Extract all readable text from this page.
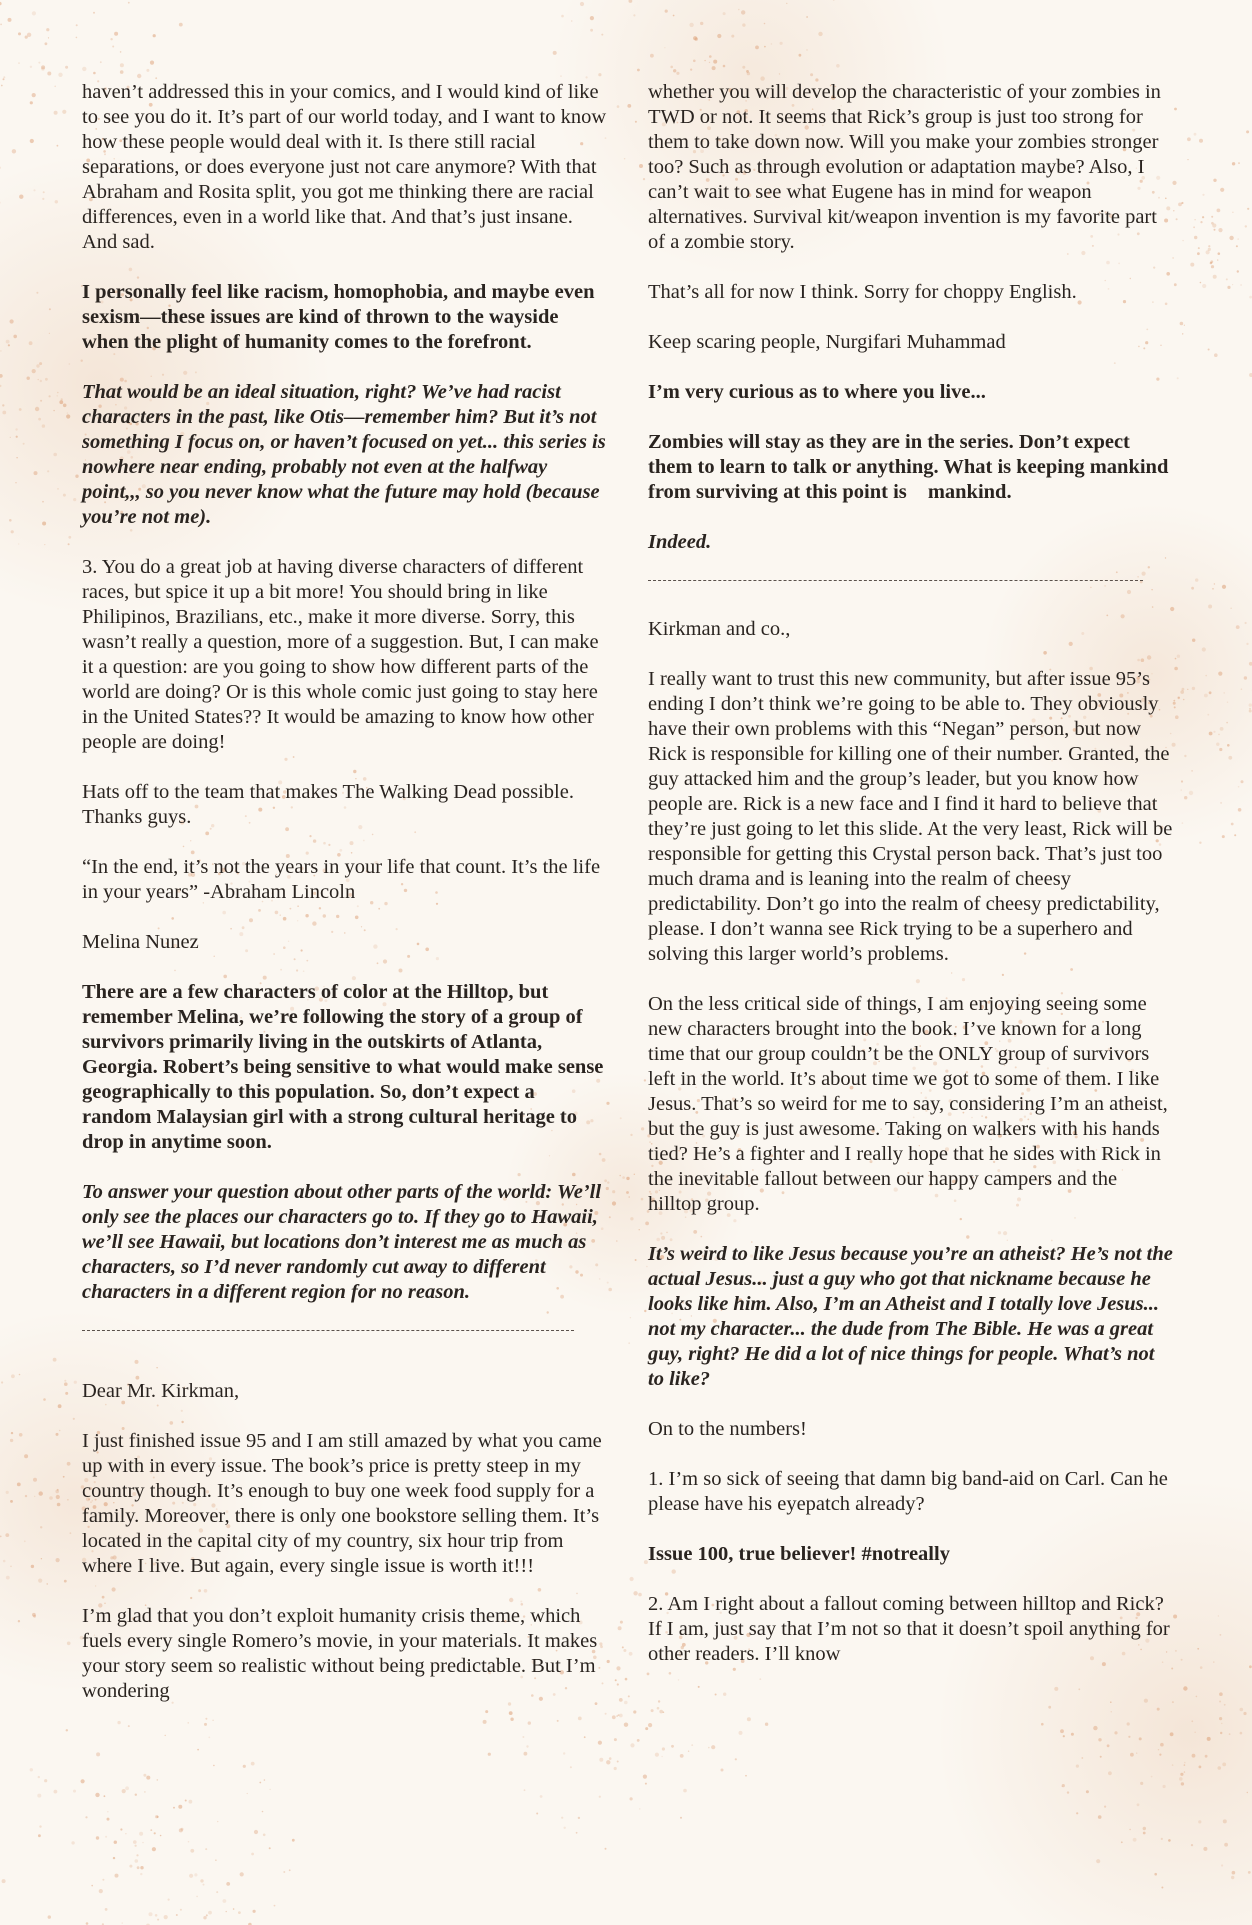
haven’t addressed this in your comics, and I would kind of like to see you do it. It’s part of our world today, and I want to know how these people would deal with it. Is there still racial separations, or does everyone just not care anymore? With that Abraham and Rosita split, you got me thinking there are racial differences, even in a world like that. And that’s just insane. And sad.

I personally feel like racism, homophobia, and maybe even sexism—these issues are kind of thrown to the wayside when the plight of humanity comes to the forefront.

That would be an ideal situation, right? We’ve had racist characters in the past, like Otis—remember him? But it’s not something I focus on, or haven’t focused on yet... this series is nowhere near ending, probably not even at the halfway point,,, so you never know what the future may hold (because you’re not me).

3. You do a great job at having diverse characters of different races, but spice it up a bit more! You should bring in like Philipinos, Brazilians, etc., make it more diverse. Sorry, this wasn’t really a question, more of a suggestion. But, I can make it a question: are you going to show how different parts of the world are doing? Or is this whole comic just going to stay here in the United States?? It would be amazing to know how other people are doing!

Hats off to the team that makes The Walking Dead possible. Thanks guys.

“In the end, it’s not the years in your life that count. It’s the life in your years” -Abraham Lincoln

Melina Nunez

There are a few characters of color at the Hilltop, but remember Melina, we’re following the story of a group of survivors primarily living in the outskirts of Atlanta, Georgia. Robert’s being sensitive to what would make sense geographically to this population. So, don’t expect a random Malaysian girl with a strong cultural heritage to drop in anytime soon.

To answer your question about other parts of the world: We’ll only see the places our characters go to. If they go to Hawaii, we’ll see Hawaii, but locations don’t interest me as much as characters, so I’d never randomly cut away to different characters in a different region for no reason.

Dear Mr. Kirkman,

I just finished issue 95 and I am still amazed by what you came up with in every issue. The book’s price is pretty steep in my country though. It’s enough to buy one week food supply for a family. Moreover, there is only one bookstore selling them. It’s located in the capital city of my country, six hour trip from where I live. But again, every single issue is worth it!!!

I’m glad that you don’t exploit humanity crisis theme, which fuels every single Romero’s movie, in your materials. It makes your story seem so realistic without being predictable. But I’m wondering

whether you will develop the characteristic of your zombies in TWD or not. It seems that Rick’s group is just too strong for them to take down now. Will you make your zombies stronger too? Such as through evolution or adaptation maybe? Also, I can’t wait to see what Eugene has in mind for weapon alternatives. Survival kit/weapon invention is my favorite part of a zombie story.

That’s all for now I think. Sorry for choppy English.

Keep scaring people, Nurgifari Muhammad

I’m very curious as to where you live...

Zombies will stay as they are in the series. Don’t expect them to learn to talk or anything. What is keeping mankind from surviving at this point is  mankind.

Indeed.

Kirkman and co.,

I really want to trust this new community, but after issue 95’s ending I don’t think we’re going to be able to. They obviously have their own problems with this “Negan” person, but now Rick is responsible for killing one of their number. Granted, the guy attacked him and the group’s leader, but you know how people are. Rick is a new face and I find it hard to believe that they’re just going to let this slide. At the very least, Rick will be responsible for getting this Crystal person back. That’s just too much drama and is leaning into the realm of cheesy predictability. Don’t go into the realm of cheesy predictability, please. I don’t wanna see Rick trying to be a superhero and solving this larger world’s problems.

On the less critical side of things, I am enjoying seeing some new characters brought into the book. I’ve known for a long time that our group couldn’t be the ONLY group of survivors left in the world. It’s about time we got to some of them. I like Jesus. That’s so weird for me to say, considering I’m an atheist, but the guy is just awesome. Taking on walkers with his hands tied? He’s a fighter and I really hope that he sides with Rick in the inevitable fallout between our happy campers and the hilltop group.

It’s weird to like Jesus because you’re an atheist? He’s not the actual Jesus... just a guy who got that nickname because he looks like him. Also, I’m an Atheist and I totally love Jesus... not my character... the dude from The Bible. He was a great guy, right? He did a lot of nice things for people. What’s not to like?

On to the numbers!

1. I’m so sick of seeing that damn big band-aid on Carl. Can he please have his eyepatch already?

Issue 100, true believer! #notreally

2. Am I right about a fallout coming between hilltop and Rick? If I am, just say that I’m not so that it doesn’t spoil anything for other readers. I’ll know
